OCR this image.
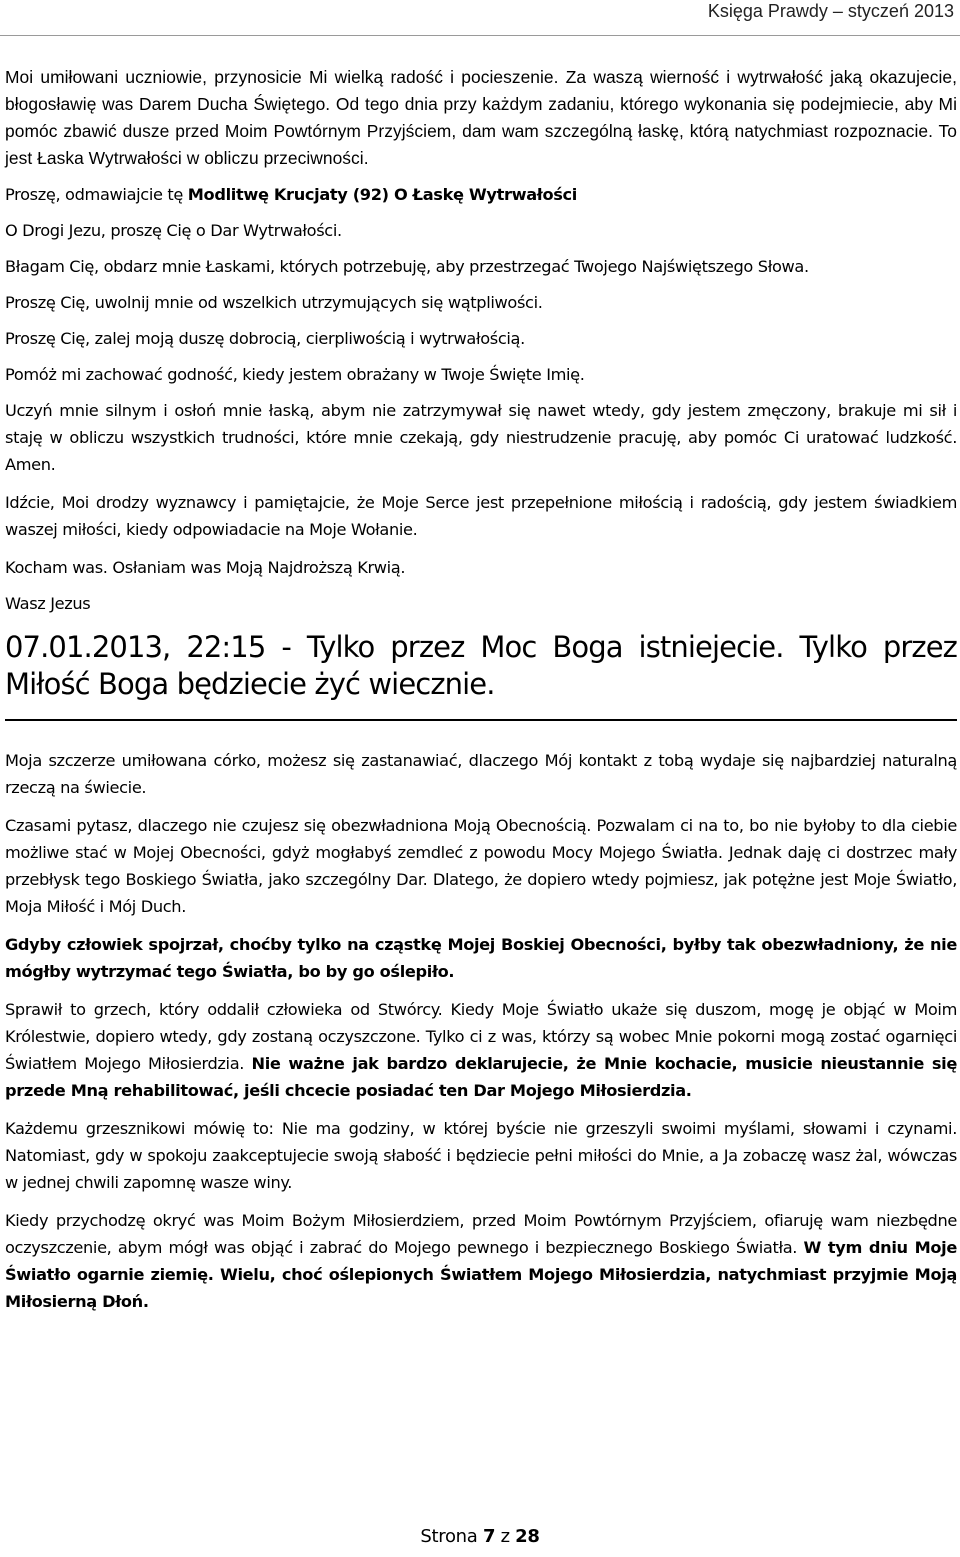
Księga Prawdy – styczeń 2013

Moi umiłowani uczniowie, przynosicie Mi wielką radość i pocieszenie. Za waszą wierność i wytrwałość jaką okazujecie, błogosławię was Darem Ducha Świętego. Od tego dnia przy każdym zadaniu, którego wykonania się podejmiecie, aby Mi pomóc zbawić dusze przed Moim Powtórnym Przyjściem, dam wam szczególną łaskę, którą natychmiast rozpoznacie. To jest Łaska Wytrwałości w obliczu przeciwności.

Proszę, odmawiajcie tę Modlitwę Krucjaty (92) O Łaskę Wytrwałości

O Drogi Jezu, proszę Cię o Dar Wytrwałości.

Błagam Cię, obdarz mnie Łaskami, których potrzebuję, aby przestrzegać Twojego Najświętszego Słowa.

Proszę Cię, uwolnij mnie od wszelkich utrzymujących się wątpliwości.

Proszę Cię, zalej moją duszę dobrocią, cierpliwością i wytrwałością.

Pomóż mi zachować godność, kiedy jestem obrażany w Twoje Święte Imię.

Uczyń mnie silnym i osłoń mnie łaską, abym nie zatrzymywał się nawet wtedy, gdy jestem zmęczony, brakuje mi sił i staję w obliczu wszystkich trudności, które mnie czekają, gdy niestrudzenie pracuję, aby pomóc Ci uratować ludzkość. Amen.

Idźcie, Moi drodzy wyznawcy i pamiętajcie, że Moje Serce jest przepełnione miłością i radością, gdy jestem świadkiem waszej miłości, kiedy odpowiadacie na Moje Wołanie.

Kocham was. Osłaniam was Moją Najdroższą Krwią.

Wasz Jezus

07.01.2013, 22:15 - Tylko przez Moc Boga istniejecie. Tylko przez Miłość Boga będziecie żyć wiecznie.

Moja szczerze umiłowana córko, możesz się zastanawiać, dlaczego Mój kontakt z tobą wydaje się najbardziej naturalną rzeczą na świecie.

Czasami pytasz, dlaczego nie czujesz się obezwładniona Moją Obecnością. Pozwalam ci na to, bo nie byłoby to dla ciebie możliwe stać w Mojej Obecności, gdyż mogłabyś zemdleć z powodu Mocy Mojego Światła. Jednak daję ci dostrzec mały przebłysk tego Boskiego Światła, jako szczególny Dar. Dlatego, że dopiero wtedy pojmiesz, jak potężne jest Moje Światło, Moja Miłość i Mój Duch.

Gdyby człowiek spojrzał, choćby tylko na cząstkę Mojej Boskiej Obecności, byłby tak obezwładniony, że nie mógłby wytrzymać tego Światła, bo by go oślepiło.

Sprawił to grzech, który oddalił człowieka od Stwórcy. Kiedy Moje Światło ukaże się duszom, mogę je objąć w Moim Królestwie, dopiero wtedy, gdy zostaną oczyszczone. Tylko ci z was, którzy są wobec Mnie pokorni mogą zostać ogarnięci Światłem Mojego Miłosierdzia. Nie ważne jak bardzo deklarujecie, że Mnie kochacie, musicie nieustannie się przede Mną rehabilitować, jeśli chcecie posiadać ten Dar Mojego Miłosierdzia.

Każdemu grzesznikowi mówię to: Nie ma godziny, w której byście nie grzeszyli swoimi myślami, słowami i czynami. Natomiast, gdy w spokoju zaakceptujecie swoją słabość i będziecie pełni miłości do Mnie, a Ja zobaczę wasz żal, wówczas w jednej chwili zapomnę wasze winy.

Kiedy przychodzę okryć was Moim Bożym Miłosierdziem, przed Moim Powtórnym Przyjściem, ofiaruję wam niezbędne oczyszczenie, abym mógł was objąć i zabrać do Mojego pewnego i bezpiecznego Boskiego Światła. W tym dniu Moje Światło ogarnie ziemię. Wielu, choć oślepionych Światłem Mojego Miłosierdzia, natychmiast przyjmie Moją Miłosierną Dłoń.

Strona 7 z 28
